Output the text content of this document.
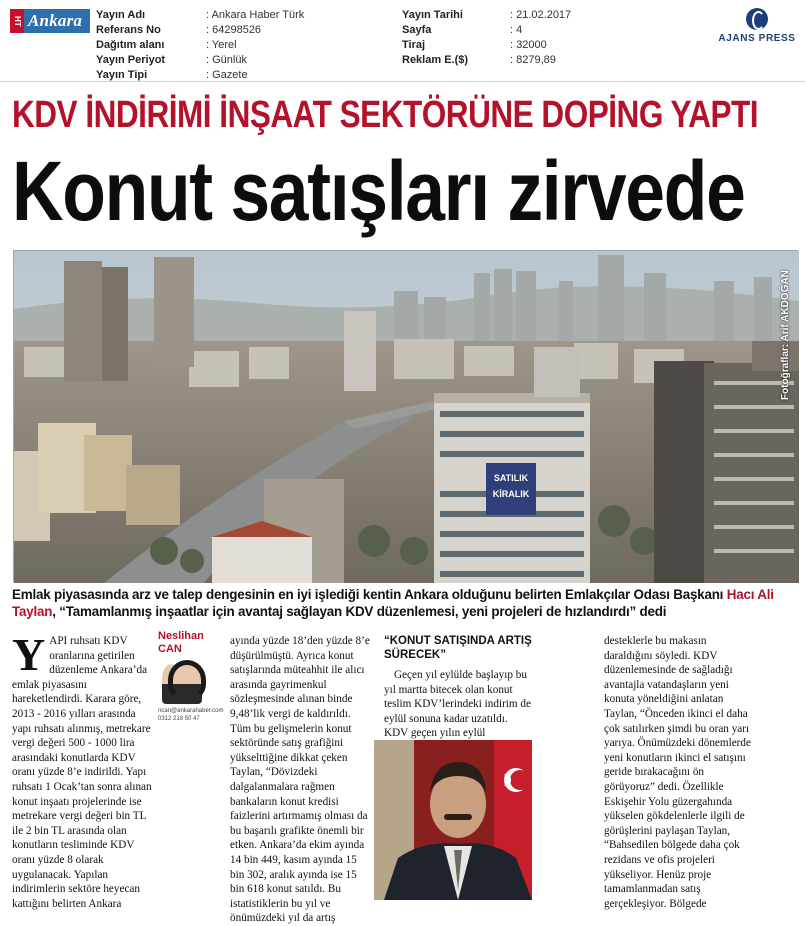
HT Ankara Yayın Adı	: Ankara Haber Türk
Referans No	: 64298526
Dağıtım alanı	: Yerel
Yayın Periyot	: Günlük
Yayın Tipi	: Gazete
Yayın Tarihi	: 21.02.2017
Sayfa	: 4
Tiraj	: 32000
Reklam E.($)	: 8279,89
AJANS PRESS
KDV İNDİRİMİ İNŞAAT SEKTÖRÜNE DOPİNG YAPTI
Konut satışları zirvede
SATILIK
KİRALIK
Fotoğraflar: Arif AKDOĞAN
Emlak piyasasında arz ve talep dengesinin en iyi işlediği kentin Ankara olduğunu belirten Emlakçılar Odası Başkanı Hacı Ali Taylan, “Tamamlanmış inşaatlar için avantaj sağlayan KDV düzenlemesi, yeni projeleri de hızlandırdı” dedi
YAPI ruhsatı KDV oranlarına getirilen düzenleme Ankara’da emlak piyasasını hareketlendirdi. Karara göre, 2013 - 2016 yılları arasında yapı ruhsatı alınmış, metrekare vergi değeri 500 - 1000 lira arasındaki konutlarda KDV oranı yüzde 8’e indirildi. Yapı ruhsatı 1 Ocak’tan sonra alınan konut inşaatı projelerinde ise metrekare vergi değeri bin TL ile 2 bin TL arasında olan konutların tesliminde KDV oranı yüzde 8 olarak uygulanacak. Yapılan indirimlerin sektöre heyecan kattığını belirten Ankara
Neslihan
CAN
ncan@ankarahaber.com 0312 218 50 47
ayında yüzde 18’den yüzde 8’e düşürülmüştü. Ayrıca konut satışlarında müteahhit ile alıcı arasında gayrimenkul sözleşmesinde alınan binde 9,48’lik vergi de kaldırıldı. Tüm bu gelişmelerin konut sektöründe satış grafiğini yükselttiğine dikkat çeken Taylan, “Dövizdeki dalgalanmalara rağmen bankaların konut kredisi faizlerini artırmamış olması da bu başarılı grafikte önemli bir etken. Ankara’da ekim ayında 14 bin 449, kasım ayında 15 bin 302, aralık ayında ise 15 bin 618 konut satıldı. Bu istatistiklerin bu yıl ve önümüzdeki yıl da artış
“KONUT SATIŞINDA ARTIŞ SÜRECEK”
Geçen yıl eylülde başlayıp bu yıl martta bitecek olan konut teslim KDV’lerindeki indirim de eylül sonuna kadar uzatıldı. KDV geçen yılın eylül
desteklerle bu makasın daraldığını söyledi. KDV düzenlemesinde de sağladığı avantajla vatandaşların yeni konuta yöneldiğini anlatan Taylan, “Önceden ikinci el daha çok satılırken şimdi bu oran yarı yarıya. Önümüzdeki dönemlerde yeni konutların ikinci el satışını geride bırakacağını ön görüyoruz” dedi. Özellikle Eskişehir Yolu güzergahında yükselen gökdelenlerle ilgili de görüşlerini paylaşan Taylan, “Bahsedilen bölgede daha çok rezidans ve ofis projeleri yükseliyor. Henüz proje tamamlanmadan satış gerçekleşiyor. Bölgede
